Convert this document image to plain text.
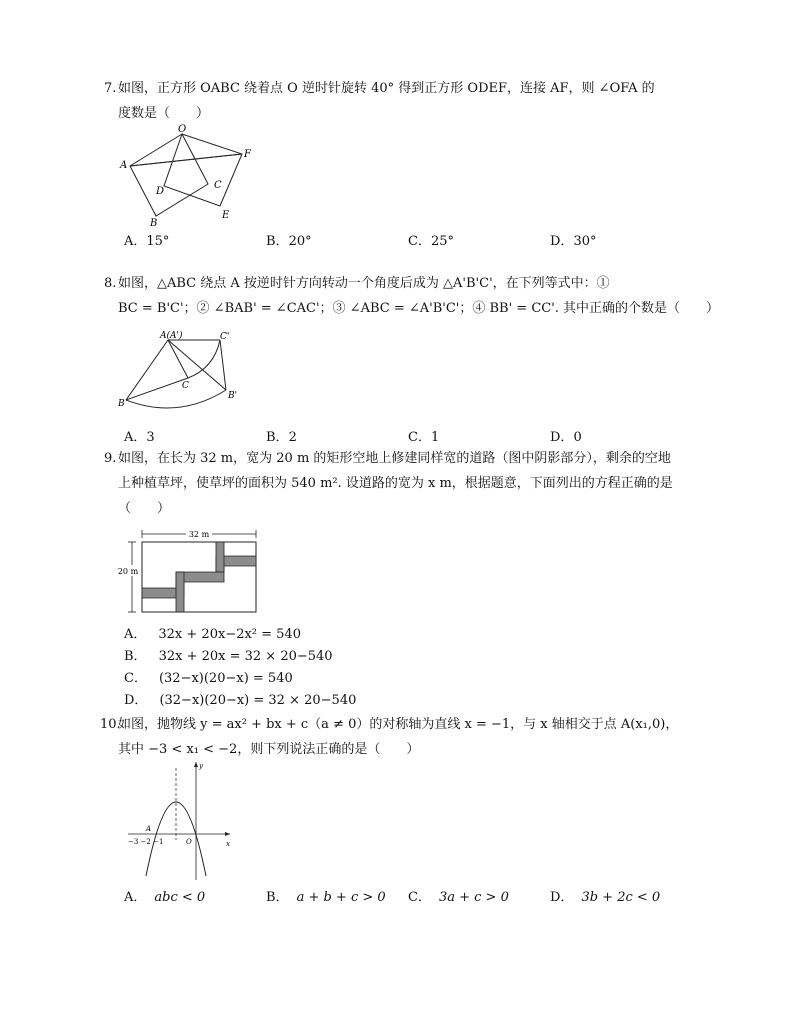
7. 如图，正方形 OABC 绕着点 O 逆时针旋转 40° 得到正方形 ODEF，连接 AF，则 ∠OFA 的
度数是（　　）
O
A
F
D
C
B
E
A．15°	B．20°	C．25°	D．30°
8. 如图，△ABC 绕点 A 按逆时针方向转动一个角度后成为 △A'B'C'，在下列等式中：①
BC = B'C'；② ∠BAB' = ∠CAC'；③ ∠ABC = ∠A'B'C'；④ BB' = CC'. 其中正确的个数是（　　）
A(A')	C'
C
B
B'
A．3	B．2	C．1	D．0
9. 如图，在长为 32 m，宽为 20 m 的矩形空地上修建同样宽的道路（图中阴影部分），剩余的空地
上种植草坪，使草坪的面积为 540 m². 设道路的宽为 x m，根据题意，下面列出的方程正确的是
（　　）
32 m
20 m
A． 32x + 20x−2x² = 540
B． 32x + 20x = 32 × 20−540
C． (32−x)(20−x) = 540
D． (32−x)(20−x) = 32 × 20−540
10.如图，抛物线 y = ax² + bx + c（a ≠ 0）的对称轴为直线 x = −1，与 x 轴相交于点 A(x₁,0)，
其中 −3 < x₁ < −2，则下列说法正确的是（　　）
x
y
−3 −2 −1	O
A
A． abc < 0	B． a + b + c > 0 C． 3a + c > 0	D． 3b + 2c < 0
